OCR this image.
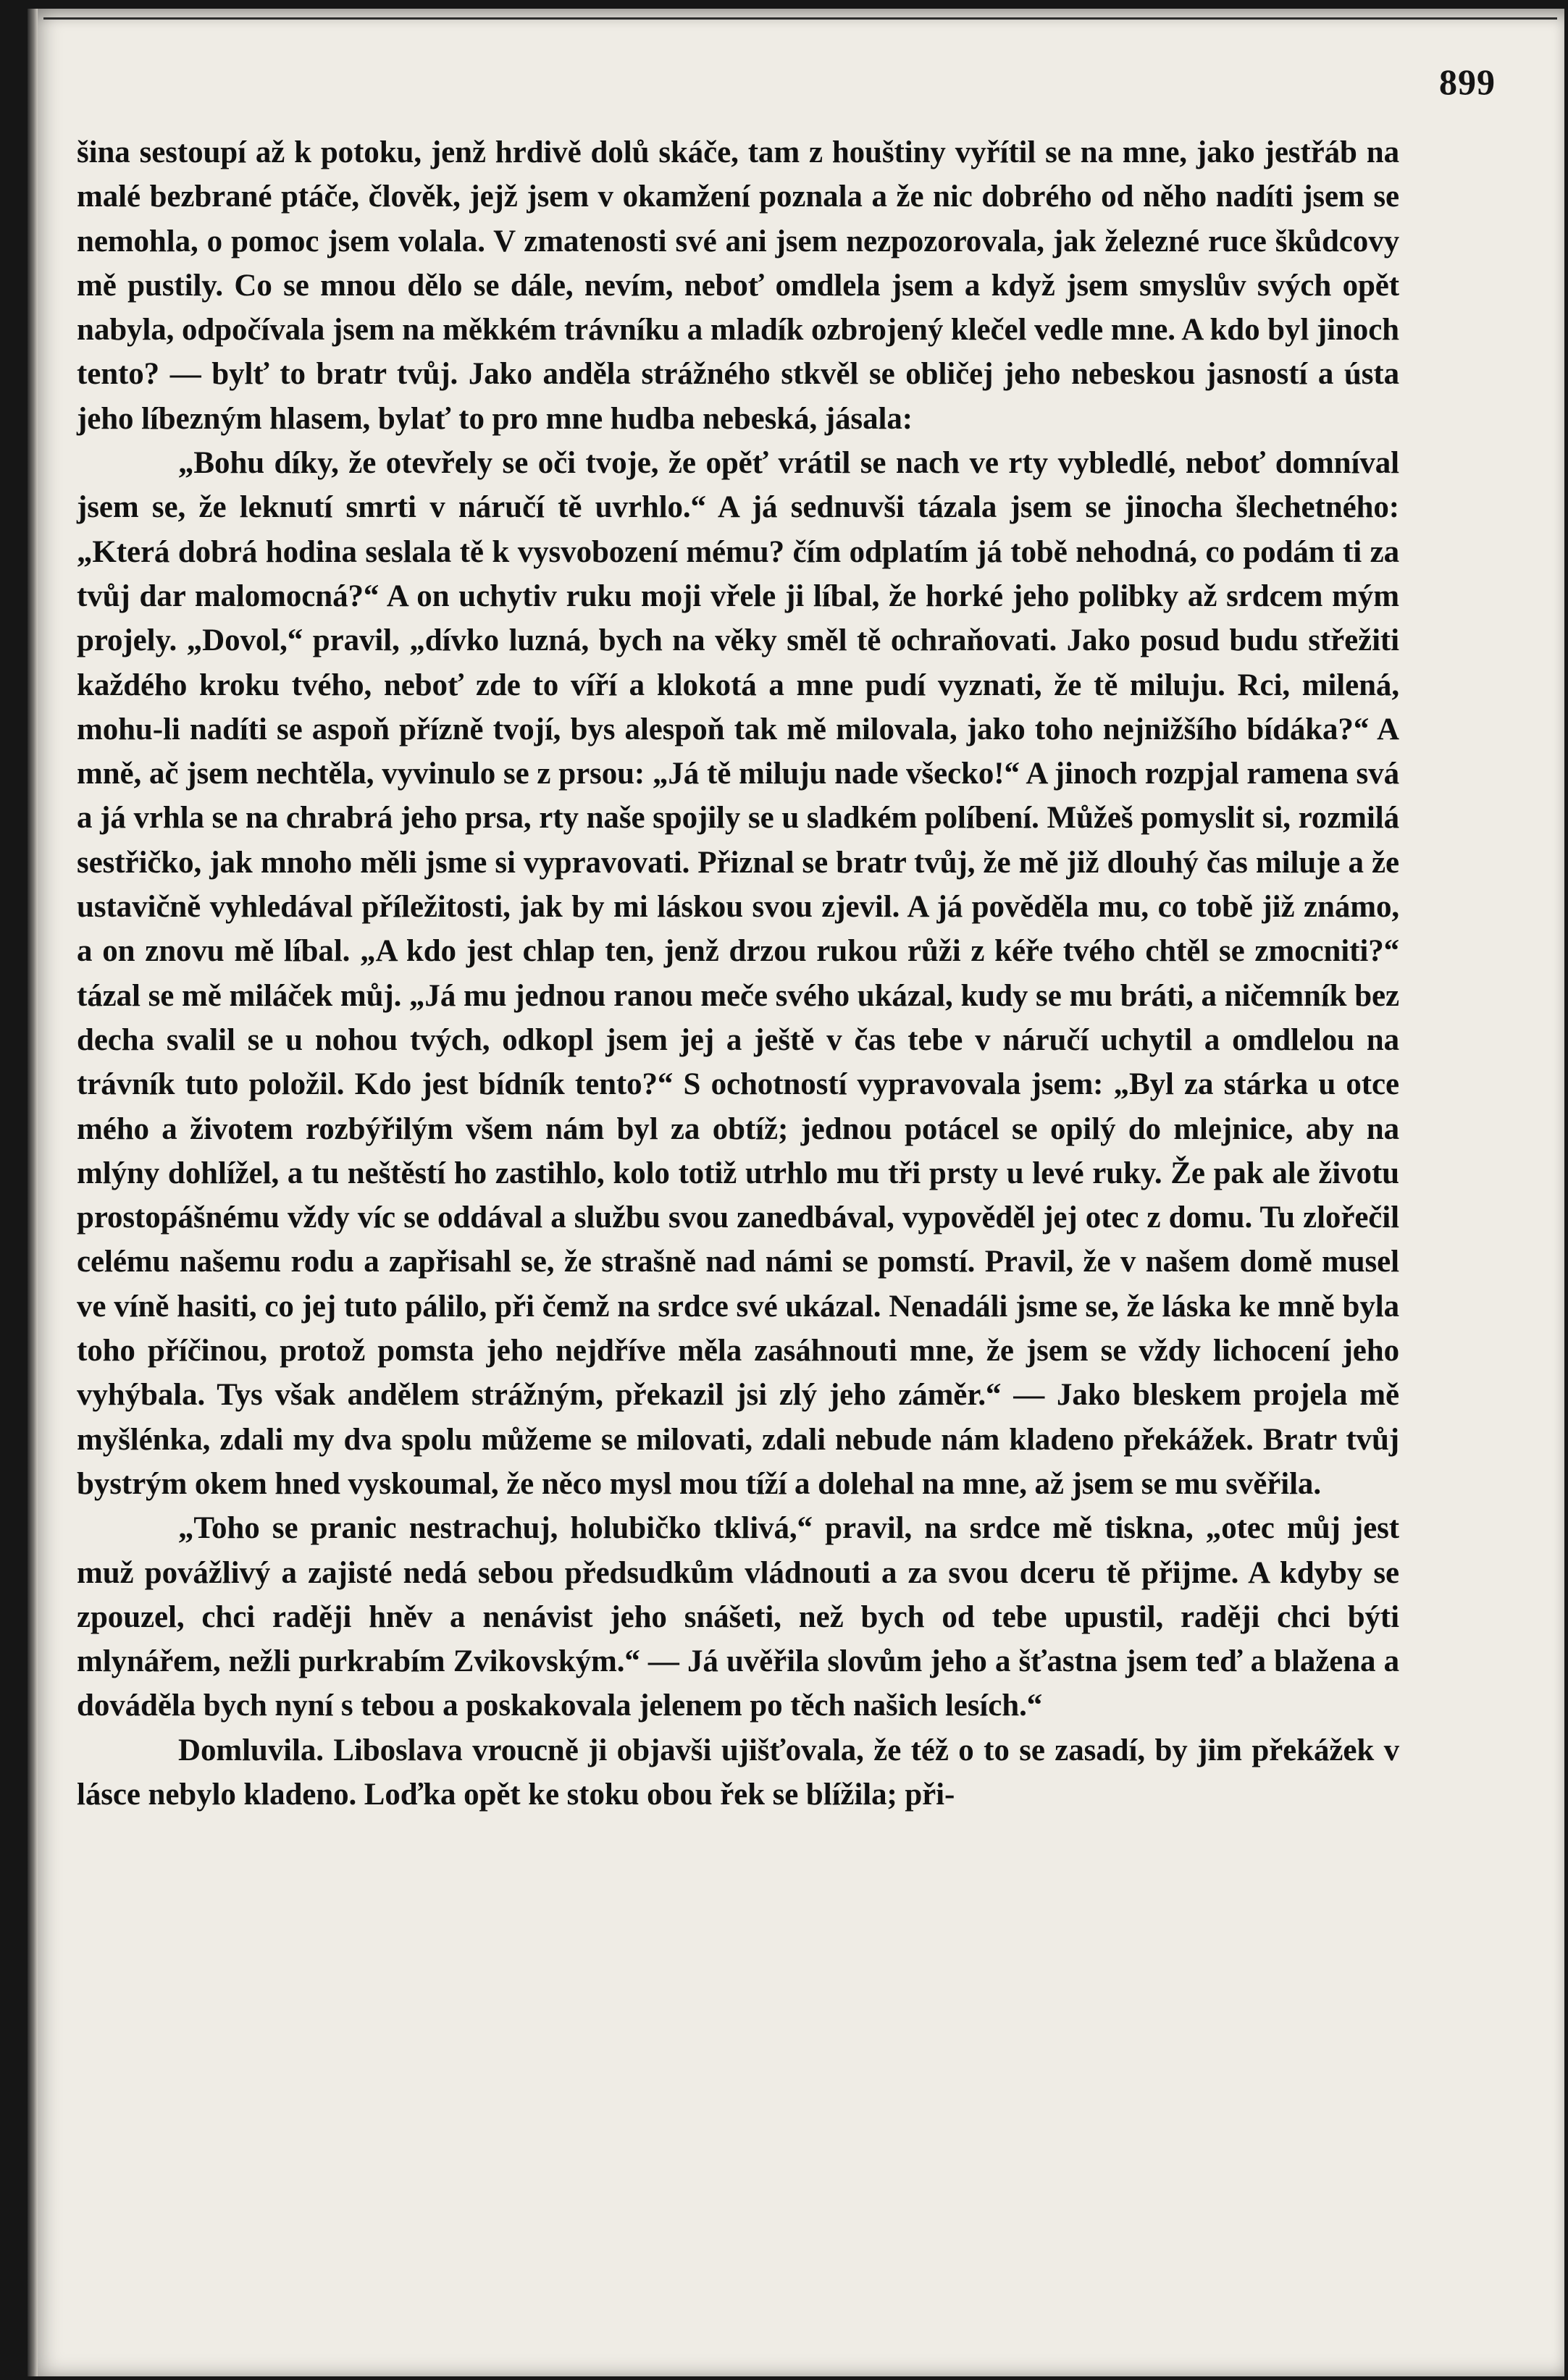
899

šina sestoupí až k potoku, jenž hrdivě dolů skáče, tam z houštiny vyřítil se na mne, jako jestřáb na malé bezbrané ptáče, člověk, jejž jsem v okamžení poznala a že nic dobrého od něho nadíti jsem se nemohla, o pomoc jsem volala. V zmatenosti své ani jsem nezpozorovala, jak železné ruce škůdcovy mě pustily. Co se mnou dělo se dále, nevím, neboť omdlela jsem a když jsem smyslův svých opět nabyla, odpočívala jsem na měkkém trávníku a mladík ozbrojený klečel vedle mne. A kdo byl jinoch tento? — bylť to bratr tvůj. Jako anděla strážného stkvěl se obličej jeho nebeskou jasností a ústa jeho líbezným hlasem, bylať to pro mne hudba nebeská, jásala:

„Bohu díky, že otevřely se oči tvoje, že opěť vrátil se nach ve rty vybledlé, neboť domníval jsem se, že leknutí smrti v náručí tě uvrhlo.“ A já sednuvši tázala jsem se jinocha šlechetného: „Která dobrá hodina seslala tě k vysvobození mému? čím odplatím já tobě nehodná, co podám ti za tvůj dar malomocná?“ A on uchytiv ruku moji vřele ji líbal, že horké jeho polibky až srdcem mým projely. „Dovol,“ pravil, „dívko luzná, bych na věky směl tě ochraňovati. Jako posud budu střežiti každého kroku tvého, neboť zde to víří a klokotá a mne pudí vyznati, že tě miluju. Rci, milená, mohu-li nadíti se aspoň přízně tvojí, bys alespoň tak mě milovala, jako toho nejnižšího bídáka?“ A mně, ač jsem nechtěla, vyvinulo se z prsou: „Já tě miluju nade všecko!“ A jinoch rozpjal ramena svá a já vrhla se na chrabrá jeho prsa, rty naše spojily se u sladkém políbení. Můžeš pomyslit si, rozmilá sestřičko, jak mnoho měli jsme si vypravovati. Přiznal se bratr tvůj, že mě již dlouhý čas miluje a že ustavičně vyhledával příležitosti, jak by mi láskou svou zjevil. A já pověděla mu, co tobě již známo, a on znovu mě líbal. „A kdo jest chlap ten, jenž drzou rukou růži z kéře tvého chtěl se zmocniti?“ tázal se mě miláček můj. „Já mu jednou ranou meče svého ukázal, kudy se mu bráti, a ničemník bez decha svalil se u nohou tvých, odkopl jsem jej a ještě v čas tebe v náručí uchytil a omdlelou na trávník tuto položil. Kdo jest bídník tento?“ S ochotností vypravovala jsem: „Byl za stárka u otce mého a životem rozbýřilým všem nám byl za obtíž; jednou potácel se opilý do mlejnice, aby na mlýny dohlížel, a tu neštěstí ho zastihlo, kolo totiž utrhlo mu tři prsty u levé ruky. Že pak ale životu prostopášnému vždy víc se oddával a službu svou zanedbával, vypověděl jej otec z domu. Tu zlořečil celému našemu rodu a zapřisahl se, že strašně nad námi se pomstí. Pravil, že v našem domě musel ve víně hasiti, co jej tuto pálilo, při čemž na srdce své ukázal. Nenadáli jsme se, že láska ke mně byla toho příčinou, protož pomsta jeho nejdříve měla zasáhnouti mne, že jsem se vždy lichocení jeho vyhýbala. Tys však andělem strážným, překazil jsi zlý jeho záměr.“ — Jako bleskem projela mě myšlénka, zdali my dva spolu můžeme se milovati, zdali nebude nám kladeno překážek. Bratr tvůj bystrým okem hned vyskoumal, že něco mysl mou tíží a dolehal na mne, až jsem se mu svěřila.

„Toho se pranic nestrachuj, holubičko tklivá,“ pravil, na srdce mě tiskna, „otec můj jest muž povážlivý a zajisté nedá sebou předsudkům vládnouti a za svou dceru tě přijme. A kdyby se zpouzel, chci raději hněv a nenávist jeho snášeti, než bych od tebe upustil, raději chci býti mlynářem, nežli purkrabím Zvikovským.“ — Já uvěřila slovům jeho a šťastna jsem teď a blažena a dováděla bych nyní s tebou a poskakovala jelenem po těch našich lesích.“

Domluvila. Liboslava vroucně ji objavši ujišťovala, že též o to se zasadí, by jim překážek v lásce nebylo kladeno. Loďka opět ke stoku obou řek se blížila; při-
